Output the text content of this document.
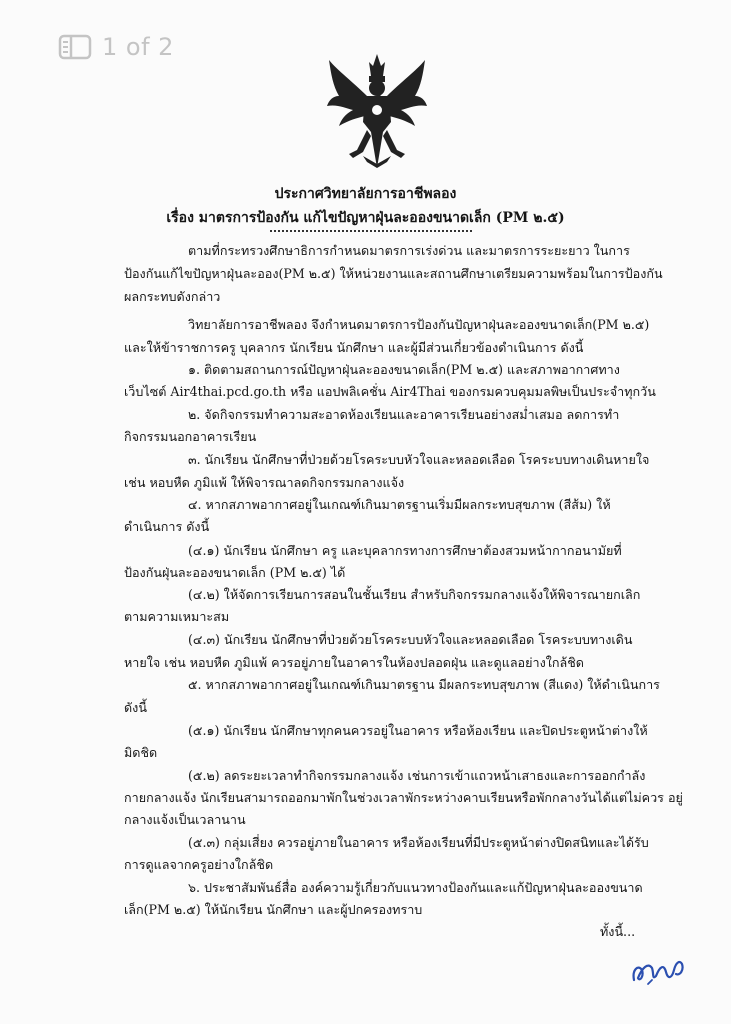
1 of 2
ประกาศวิทยาลัยการอาชีพลอง
เรื่อง มาตรการป้องกัน แก้ไขปัญหาฝุ่นละอองขนาดเล็ก (PM ๒.๕)
ตามที่กระทรวงศึกษาธิการกำหนดมาตรการเร่งด่วน และมาตรการระยะยาว ในการ
ป้องกันแก้ไขปัญหาฝุ่นละออง(PM ๒.๕) ให้หน่วยงานและสถานศึกษาเตรียมความพร้อมในการป้องกัน
ผลกระทบดังกล่าว
วิทยาลัยการอาชีพลอง จึงกำหนดมาตรการป้องกันปัญหาฝุ่นละอองขนาดเล็ก(PM ๒.๕)
และให้ข้าราชการครู บุคลากร นักเรียน นักศึกษา และผู้มีส่วนเกี่ยวข้องดำเนินการ ดังนี้
๑. ติดตามสถานการณ์ปัญหาฝุ่นละอองขนาดเล็ก(PM ๒.๕) และสภาพอากาศทาง
เว็บไซต์ Air4thai.pcd.go.th หรือ แอปพลิเคชั่น Air4Thai ของกรมควบคุมมลพิษเป็นประจำทุกวัน
๒. จัดกิจกรรมทำความสะอาดห้องเรียนและอาคารเรียนอย่างสม่ำเสมอ ลดการทำ
กิจกรรมนอกอาคารเรียน
๓. นักเรียน นักศึกษาที่ป่วยด้วยโรคระบบหัวใจและหลอดเลือด โรคระบบทางเดินหายใจ
เช่น หอบหืด ภูมิแพ้ ให้พิจารณาลดกิจกรรมกลางแจ้ง
๔. หากสภาพอากาศอยู่ในเกณฑ์เกินมาตรฐานเริ่มมีผลกระทบสุขภาพ (สีส้ม) ให้
ดำเนินการ ดังนี้
(๔.๑) นักเรียน นักศึกษา ครู และบุคลากรทางการศึกษาต้องสวมหน้ากากอนามัยที่
ป้องกันฝุ่นละอองขนาดเล็ก (PM ๒.๕) ได้
(๔.๒) ให้จัดการเรียนการสอนในชั้นเรียน สำหรับกิจกรรมกลางแจ้งให้พิจารณายกเลิก
ตามความเหมาะสม
(๔.๓) นักเรียน นักศึกษาที่ป่วยด้วยโรคระบบหัวใจและหลอดเลือด โรคระบบทางเดิน
หายใจ เช่น หอบหืด ภูมิแพ้ ควรอยู่ภายในอาคารในห้องปลอดฝุ่น และดูแลอย่างใกล้ชิด
๕. หากสภาพอากาศอยู่ในเกณฑ์เกินมาตรฐาน มีผลกระทบสุขภาพ (สีแดง) ให้ดำเนินการ
ดังนี้
(๕.๑) นักเรียน นักศึกษาทุกคนควรอยู่ในอาคาร หรือห้องเรียน และปิดประตูหน้าต่างให้
มิดชิด
(๕.๒) ลดระยะเวลาทำกิจกรรมกลางแจ้ง เช่นการเข้าแถวหน้าเสาธงและการออกกำลัง
กายกลางแจ้ง นักเรียนสามารถออกมาพักในช่วงเวลาพักระหว่างคาบเรียนหรือพักกลางวันได้แต่ไม่ควร อยู่
กลางแจ้งเป็นเวลานาน
(๕.๓) กลุ่มเสี่ยง ควรอยู่ภายในอาคาร หรือห้องเรียนที่มีประตูหน้าต่างปิดสนิทและได้รับ
การดูแลจากครูอย่างใกล้ชิด
๖. ประชาสัมพันธ์สื่อ องค์ความรู้เกี่ยวกับแนวทางป้องกันและแก้ปัญหาฝุ่นละอองขนาด
เล็ก(PM ๒.๕) ให้นักเรียน นักศึกษา และผู้ปกครองทราบ
ทั้งนี้...
